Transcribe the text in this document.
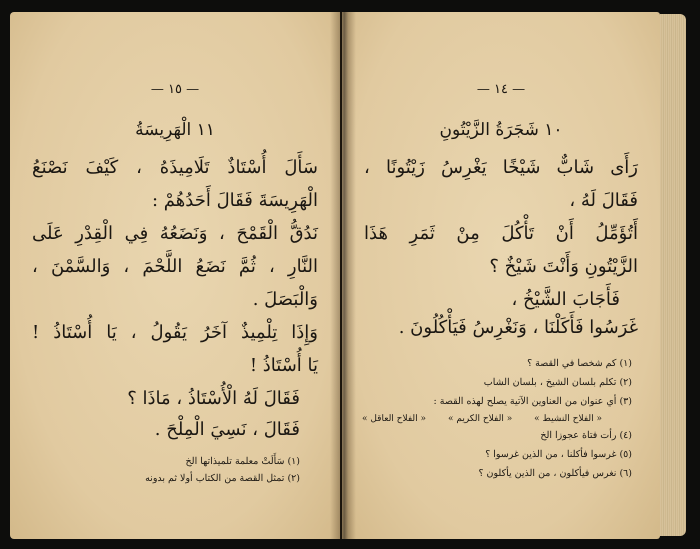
— ١٥ —
١١ الْهَرِيسَةُ
سَأَلَ أُسْتَاذٌ تَلَامِيذَهُ ، كَيْفَ نَصْنَعُ
الْهَرِيسَةَ فَقَالَ أَحَدُهُمْ :
نَدُقُّ الْقَمْحَ ، وَنَضَعُهُ فِي الْقِدْرِ عَلَى
النَّارِ ، ثُمَّ نَضَعُ اللَّحْمَ ، وَالسَّمْنَ ،
وَالْبَصَلَ .
وَإِذَا تِلْمِيذٌ آخَرُ يَقُولُ ، يَا أُسْتَاذُ !
يَا أُسْتَاذُ !
فَقَالَ لَهُ الْأُسْتَاذُ ، مَاذَا ؟
فَقَالَ ، نَسِيَ الْمِلْحَ .
(١) سَأَلَتْ معلمة تلميذاتها الخ
(٢) تمثل القصة من الكتاب أولا ثم بدونه
— ١٤ —
١٠ شَجَرَةُ الزَّيْتُونِ
رَأَى شَابٌّ شَيْخًا يَغْرِسُ زَيْتُونًا ،
فَقَالَ لَهُ ،
أَتُؤَمِّلُ أَنْ تَأْكُلَ مِنْ ثَمَرِ هَذَا
الزَّيْتُونِ وَأَنْتَ شَيْخٌ ؟
فَأَجَابَ الشَّيْخُ ،
غَرَسُوا فَأَكَلْنَا ، وَنَغْرِسُ فَيَأْكُلُونَ .
(١) كم شخصا في القصة ؟
(٢) تكلم بلسان الشيخ ، بلسان الشاب
(٣) أي عنوان من العناوين الآتية يصلح لهذه القصة :
« الفلاح النشيط »
« الفلاح الكريم »
« الفلاح العاقل »
(٤) رأت فتاة عجوزا الخ
(٥) غرسوا فأكلنا ، من الذين غرسوا ؟
(٦) نغرس فيأكلون ، من الذين يأكلون ؟
